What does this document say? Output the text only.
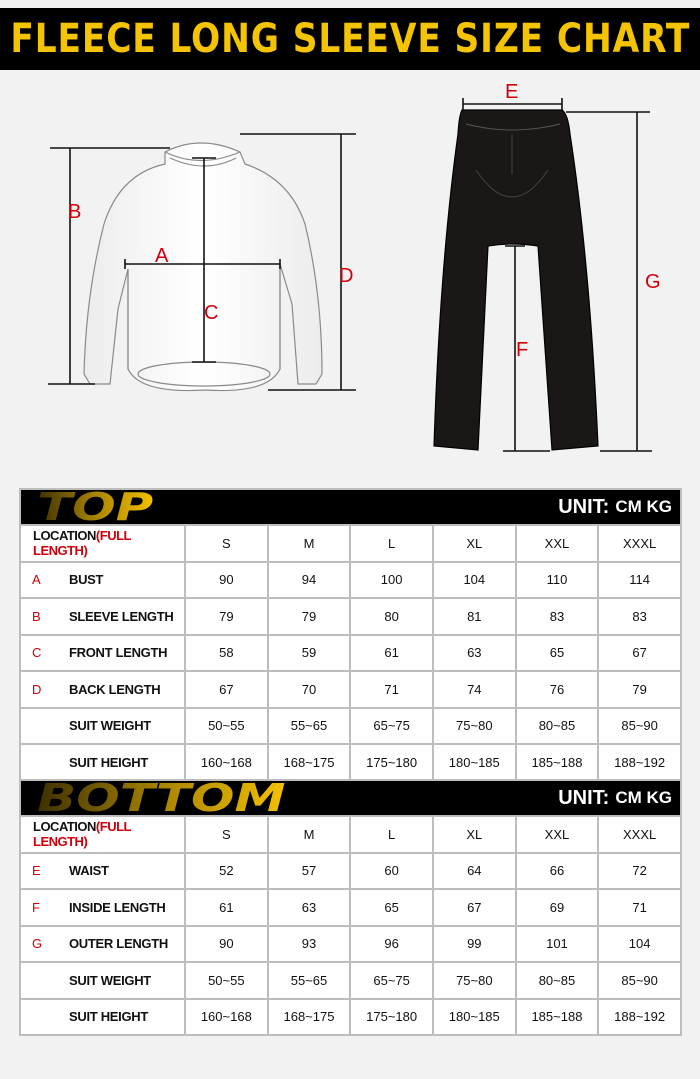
FLEECE LONG SLEEVE SIZE CHART
B
A
C
D
E
F
G
TOP UNIT: CM KG						

LOCATION(FULL LENGTH)	S	M	L	XL	XXL	XXXL

A BUST	90	94	100	104	110	114

B SLEEVE LENGTH	79	79	80	81	83	83

C FRONT LENGTH	58	59	61	63	65	67

D BACK LENGTH	67	70	71	74	76	79

SUIT WEIGHT	50~55	55~65	65~75	75~80	80~85	85~90

SUIT HEIGHT	160~168	168~175	175~180	180~185	185~188	188~192
BOTTOM UNIT: CM KG						

LOCATION(FULL LENGTH)	S	M	L	XL	XXL	XXXL

E WAIST	52	57	60	64	66	72

F INSIDE LENGTH	61	63	65	67	69	71

G OUTER LENGTH	90	93	96	99	101	104

SUIT WEIGHT	50~55	55~65	65~75	75~80	80~85	85~90

SUIT HEIGHT	160~168	168~175	175~180	180~185	185~188	188~192
